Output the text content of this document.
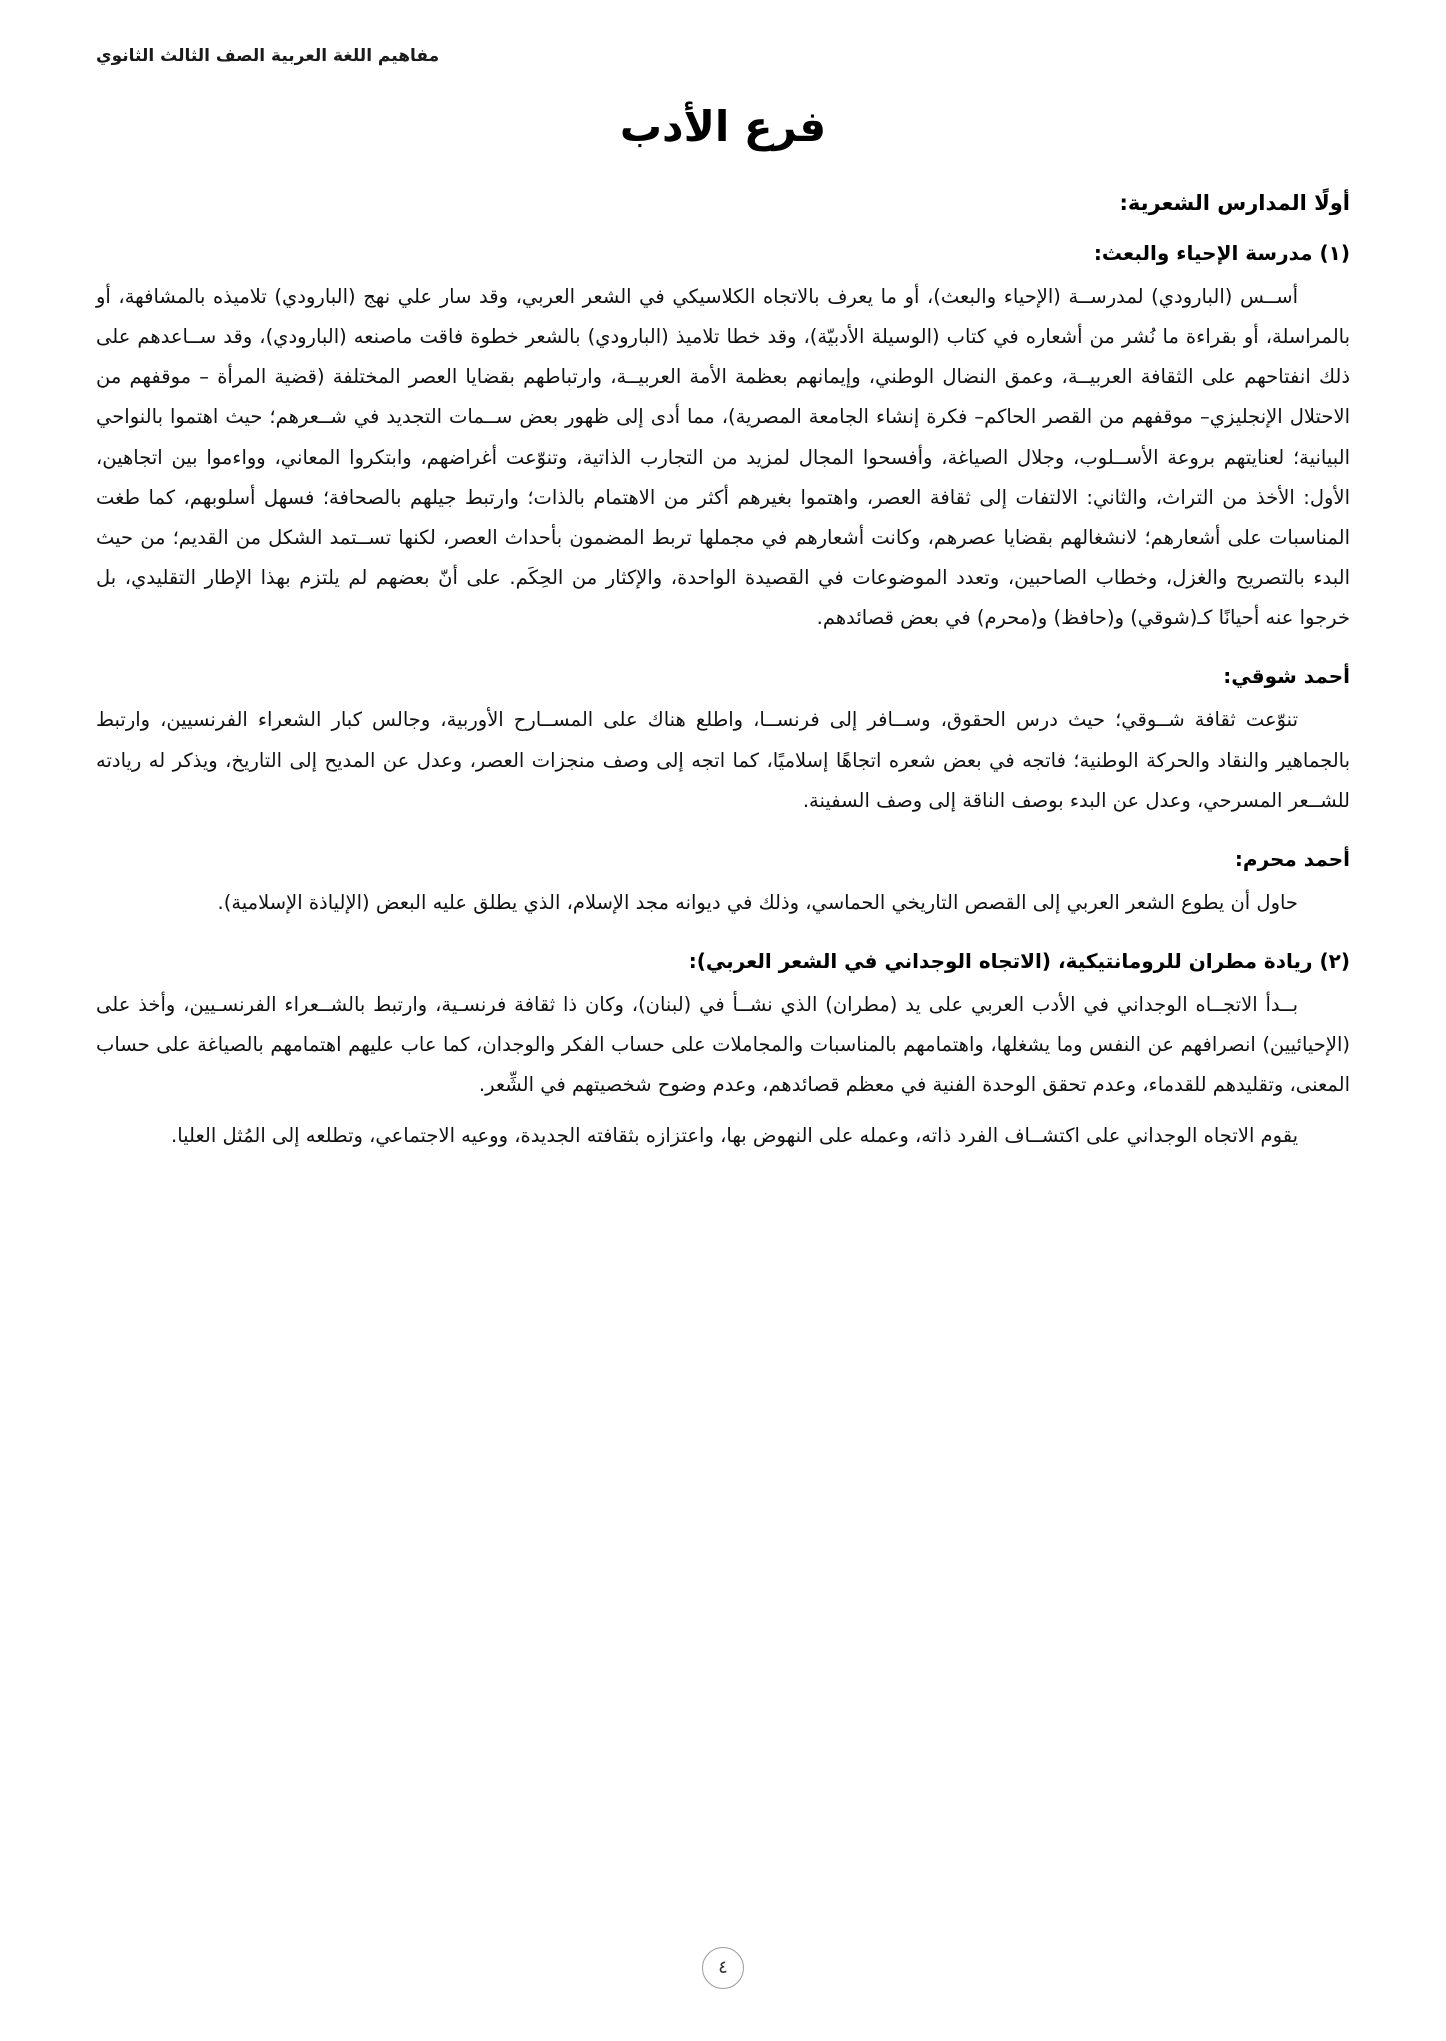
مفاهيم اللغة العربية الصف الثالث الثانوي
فرع الأدب
أولًا المدارس الشعرية:
(١) مدرسة الإحياء والبعث:

أســس (البارودي) لمدرســة (الإحياء والبعث)، أو ما يعرف بالاتجاه الكلاسيكي في الشعر العربي، وقد سار علي نهج (البارودي) تلاميذه بالمشافهة، أو بالمراسلة، أو بقراءة ما نُشر من أشعاره في كتاب (الوسيلة الأدبيّة)، وقد خطا تلاميذ (البارودي) بالشعر خطوة فاقت ماصنعه (البارودي)، وقد ســاعدهم على ذلك انفتاحهم على الثقافة العربيــة، وعمق النضال الوطني، وإيمانهم بعظمة الأمة العربيــة، وارتباطهم بقضايا العصر المختلفة (قضية المرأة – موقفهم من الاحتلال الإنجليزي– موقفهم من القصر الحاكم– فكرة إنشاء الجامعة المصرية)، مما أدى إلى ظهور بعض ســمات التجديد في شــعرهم؛ حيث اهتموا بالنواحي البيانية؛ لعنايتهم بروعة الأســلوب، وجلال الصياغة، وأفسحوا المجال لمزيد من التجارب الذاتية، وتنوّعت أغراضهم، وابتكروا المعاني، وواءموا بين اتجاهين، الأول: الأخذ من التراث، والثاني: الالتفات إلى ثقافة العصر، واهتموا بغيرهم أكثر من الاهتمام بالذات؛ وارتبط جيلهم بالصحافة؛ فسهل أسلوبهم، كما طغت المناسبات على أشعارهم؛ لانشغالهم بقضايا عصرهم، وكانت أشعارهم في مجملها تربط المضمون بأحداث العصر، لكنها تســتمد الشكل من القديم؛ من حيث البدء بالتصريح والغزل، وخطاب الصاحبين، وتعدد الموضوعات في القصيدة الواحدة، والإكثار من الحِكَم. على أنّ بعضهم لم يلتزم بهذا الإطار التقليدي، بل خرجوا عنه أحيانًا كـ(شوقي) و(حافظ) و(محرم) في بعض قصائدهم.

أحمد شوقي:

تنوّعت ثقافة شــوقي؛ حيث درس الحقوق، وســافر إلى فرنســا، واطلع هناك على المســارح الأوربية، وجالس كبار الشعراء الفرنسيين، وارتبط بالجماهير والنقاد والحركة الوطنية؛ فاتجه في بعض شعره اتجاهًا إسلاميًا، كما اتجه إلى وصف منجزات العصر، وعدل عن المديح إلى التاريخ، ويذكر له ريادته للشــعر المسرحي، وعدل عن البدء بوصف الناقة إلى وصف السفينة.

أحمد محرم:

حاول أن يطوع الشعر العربي إلى القصص التاريخي الحماسي، وذلك في ديوانه مجد الإسلام، الذي يطلق عليه البعض (الإلياذة الإسلامية).

(٢) ريادة مطران للرومانتيكية، (الاتجاه الوجداني في الشعر العربي):

بــدأ الاتجــاه الوجداني في الأدب العربي على يد (مطران) الذي نشــأ في (لبنان)، وكان ذا ثقافة فرنسـية، وارتبط بالشــعراء الفرنسـيين، وأخذ على (الإحيائيين) انصرافهم عن النفس وما يشغلها، واهتمامهم بالمناسبات والمجاملات على حساب الفكر والوجدان، كما عاب عليهم اهتمامهم بالصياغة على حساب المعنى، وتقليدهم للقدماء، وعدم تحقق الوحدة الفنية في معظم قصائدهم، وعدم وضوح شخصيتهم في الشِّعر.

يقوم الاتجاه الوجداني على اكتشــاف الفرد ذاته، وعمله على النهوض بها، واعتزازه بثقافته الجديدة، ووعيه الاجتماعي، وتطلعه إلى المُثل العليا.

٤
